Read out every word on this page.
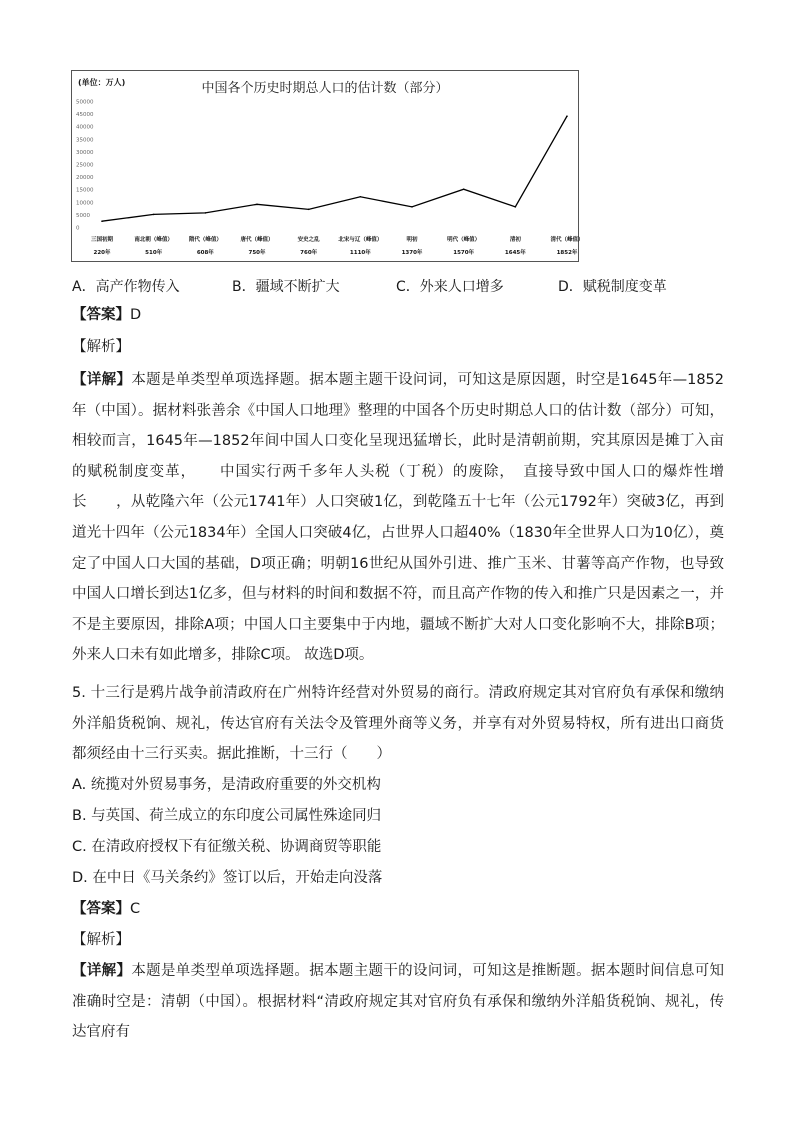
50000
45000
40000
35000
30000
25000
20000
15000
10000
5000
0
三国初期
220年
南北朝（峰值）
510年
隋代（峰值）
608年
唐代（峰值）
750年
安史之乱
760年
北宋与辽（峰值）
1110年
明初
1370年
明代（峰值）
1570年
清初
1645年
清代（峰值）
1852年
(单位：万人)	中国各个历史时期总人口的估计数（部分）
A．高产作物传入	B．疆域不断扩大	C．外来人口增多	D．赋税制度变革
【答案】D
【解析】
【详解】本题是单类型单项选择题。据本题主题干设问词，可知这是原因题，时空是1645年—1852年（中国）。据材料张善余《中国人口地理》整理的中国各个历史时期总人口的估计数（部分）可知，相较而言，1645年—1852年间中国人口变化呈现迅猛增长，此时是清朝前期，究其原因是摊丁入亩的赋税制度变革，　　中国实行两千多年人头税（丁税）的废除，　直接导致中国人口的爆炸性增长　　，从乾隆六年（公元1741年）人口突破1亿，到乾隆五十七年（公元1792年）突破3亿，再到道光十四年（公元1834年）全国人口突破4亿，占世界人口超40%（1830年全世界人口为10亿），奠定了中国人口大国的基础，D项正确；明朝16世纪从国外引进、推广玉米、甘薯等高产作物，也导致中国人口增长到达1亿多，但与材料的时间和数据不符，而且高产作物的传入和推广只是因素之一，并不是主要原因，排除A项；中国人口主要集中于内地，疆域不断扩大对人口变化影响不大，排除B项；外来人口未有如此增多，排除C项。 故选D项。
5. 十三行是鸦片战争前清政府在广州特许经营对外贸易的商行。清政府规定其对官府负有承保和缴纳外洋船货税饷、规礼，传达官府有关法令及管理外商等义务，并享有对外贸易特权，所有进出口商货都须经由十三行买卖。据此推断，十三行（　　）
A. 统揽对外贸易事务，是清政府重要的外交机构
B. 与英国、荷兰成立的东印度公司属性殊途同归
C. 在清政府授权下有征缴关税、协调商贸等职能
D. 在中日《马关条约》签订以后，开始走向没落
【答案】C
【解析】
【详解】本题是单类型单项选择题。据本题主题干的设问词，可知这是推断题。据本题时间信息可知准确时空是：清朝（中国）。根据材料“清政府规定其对官府负有承保和缴纳外洋船货税饷、规礼，传达官府有
